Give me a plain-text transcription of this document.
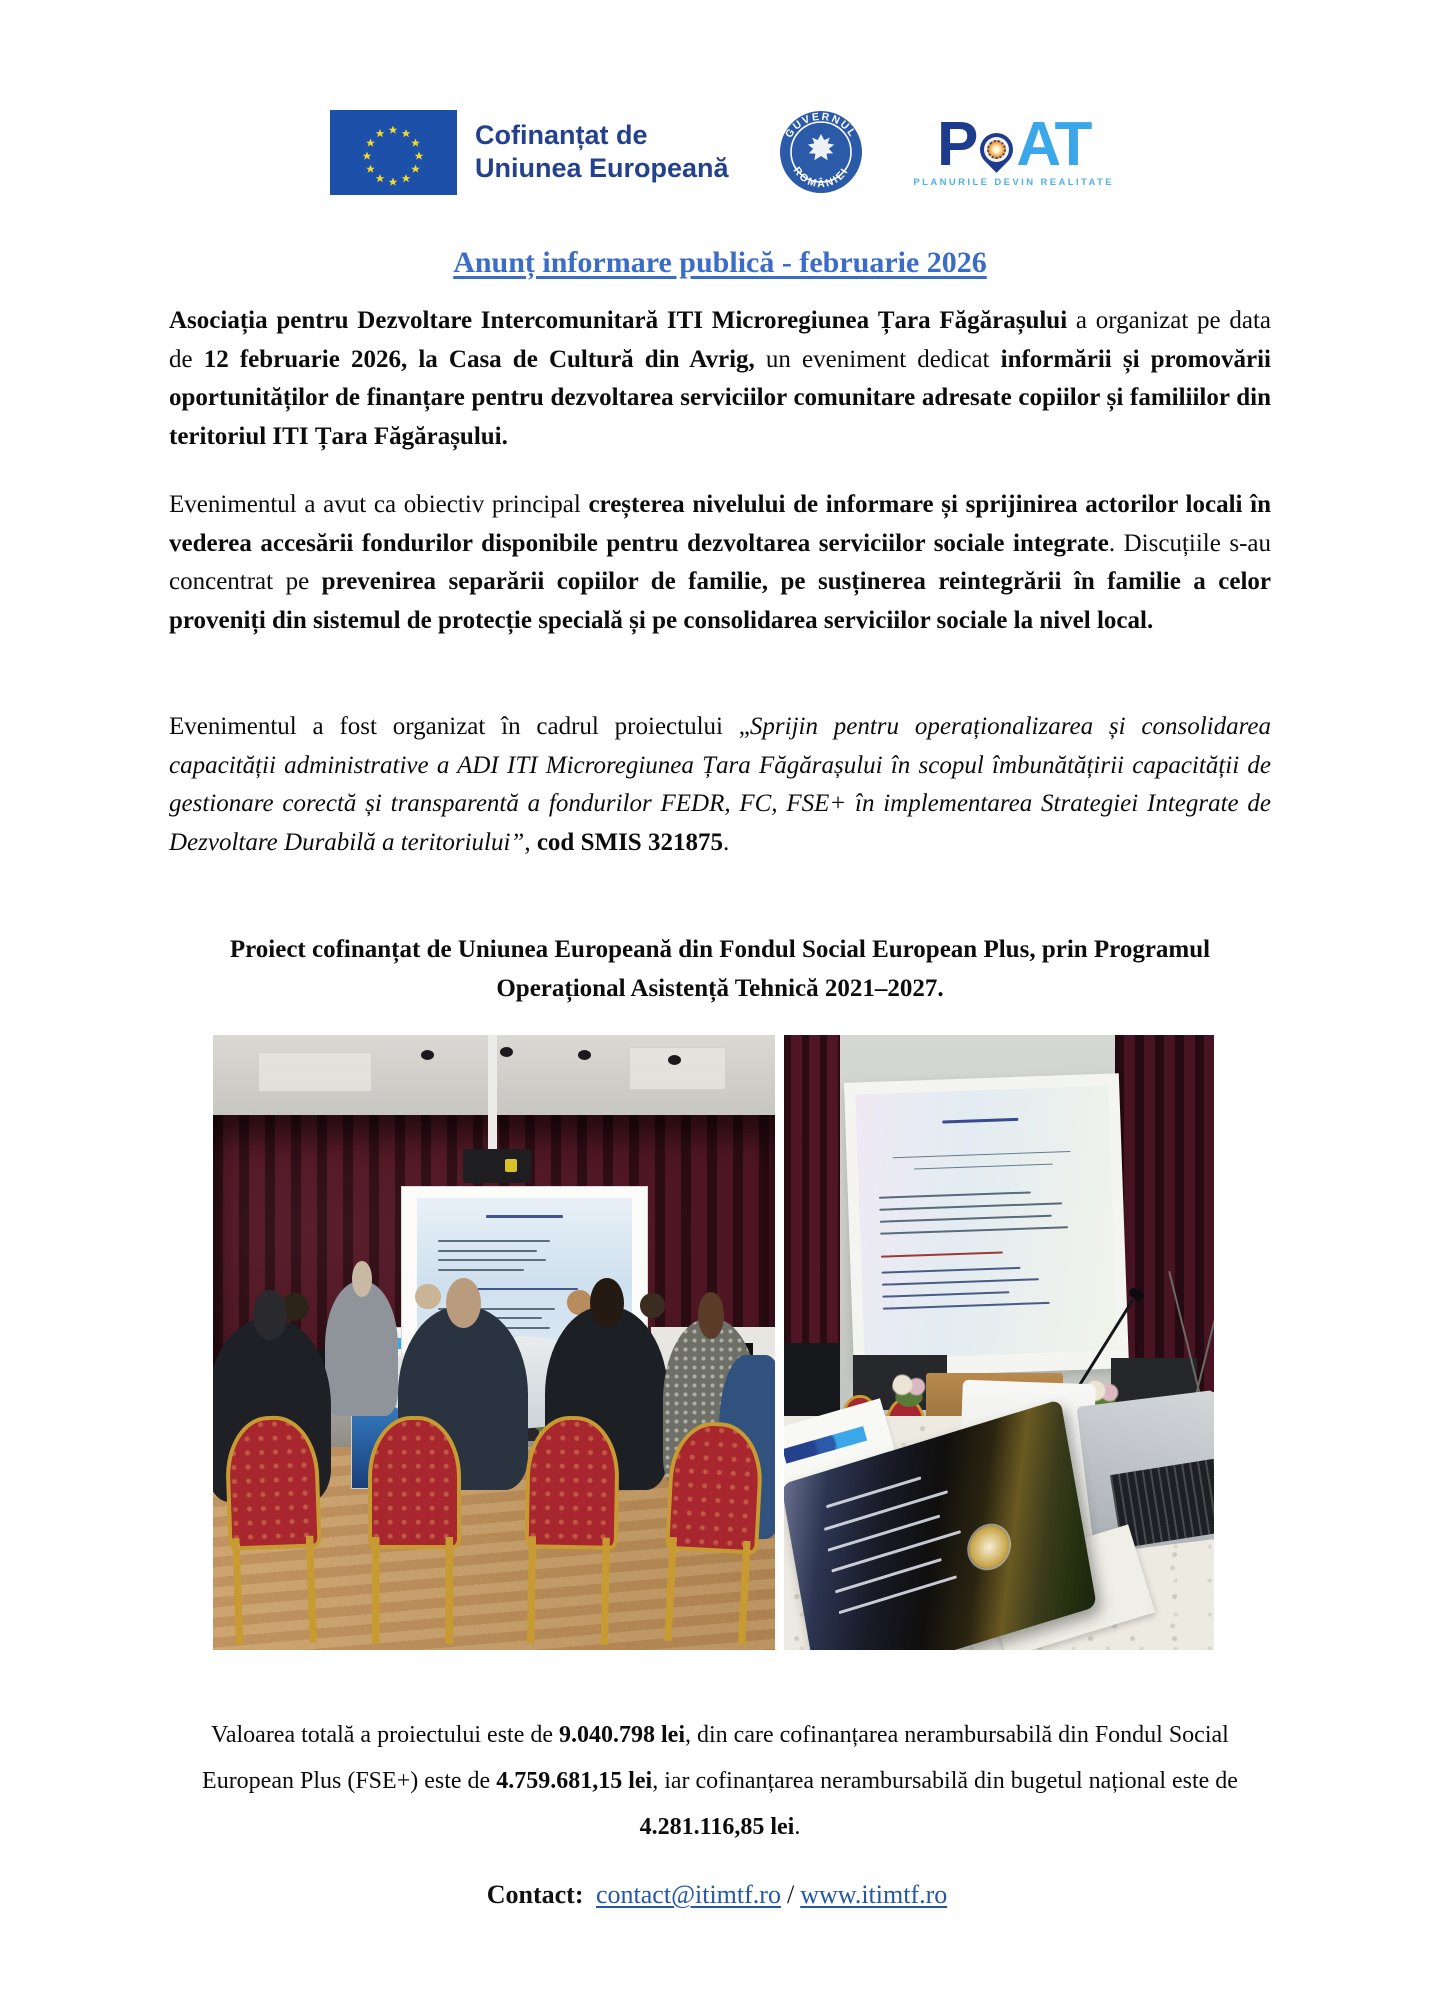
Cofinanțat de
Uniunea Europeană
GUVERNUL
ROMÂNIEI P AT
PLANURILE DEVIN REALITATE
Anunț informare publică - februarie 2026
Asociația pentru Dezvoltare Intercomunitară ITI Microregiunea Țara Făgărașului a organizat pe data de 12 februarie 2026, la Casa de Cultură din Avrig, un eveniment dedicat informării și promovării oportunităților de finanțare pentru dezvoltarea serviciilor comunitare adresate copiilor și familiilor din teritoriul ITI Țara Făgărașului.
Evenimentul a avut ca obiectiv principal creșterea nivelului de informare și sprijinirea actorilor locali în vederea accesării fondurilor disponibile pentru dezvoltarea serviciilor sociale integrate. Discuțiile s-au concentrat pe prevenirea separării copiilor de familie, pe susținerea reintegrării în familie a celor proveniți din sistemul de protecție specială și pe consolidarea serviciilor sociale la nivel local.
Evenimentul a fost organizat în cadrul proiectului „Sprijin pentru operaționalizarea și consolidarea capacității administrative a ADI ITI Microregiunea Țara Făgărașului în scopul îmbunătățirii capacității de gestionare corectă și transparentă a fondurilor FEDR, FC, FSE+ în implementarea Strategiei Integrate de Dezvoltare Durabilă a teritoriului”, cod SMIS 321875.
Proiect cofinanțat de Uniunea Europeană din Fondul Social European Plus, prin Programul Operațional Asistență Tehnică 2021–2027.
Valoarea totală a proiectului este de 9.040.798 lei, din care cofinanțarea nerambursabilă din Fondul Social European Plus (FSE+) este de 4.759.681,15 lei, iar cofinanțarea nerambursabilă din bugetul național este de 4.281.116,85 lei.
Contact: contact@itimtf.ro / www.itimtf.ro
